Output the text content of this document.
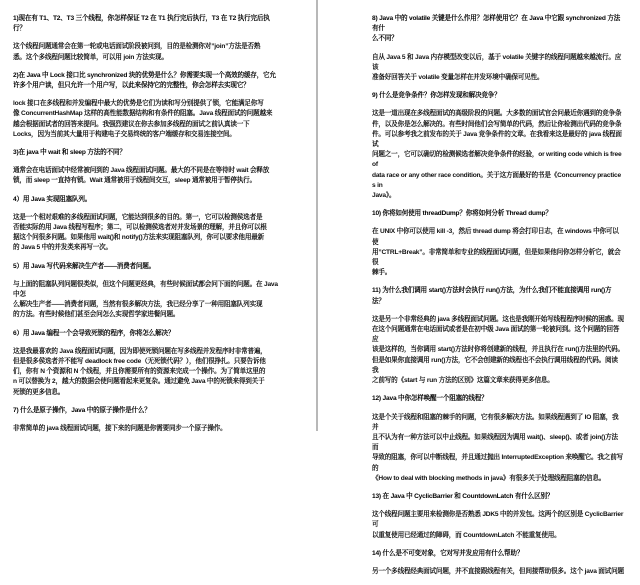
1)现在有 T1、T2、T3 三个线程，你怎样保证 T2 在 T1 执行完后执行，T3 在 T2 执行完后执
行？
这个线程问题通常会在第一轮或电话面试阶段被问到，目的是检测你对”join”方法是否熟
悉。这个多线程问题比较简单，可以用 join 方法实现。
2)在 Java 中 Lock 接口比 synchronized 块的优势是什么？你需要实现一个高效的缓存，它允
许多个用户读，但只允许一个用户写，以此来保持它的完整性，你会怎样去实现它？
lock 接口在多线程和并发编程中最大的优势是它们为读和写分别提供了锁，它能满足你写
像 ConcurrentHashMap 这样的高性能数据结构和有条件的阻塞。Java 线程面试的问题越来
越会根据面试者的回答来提问。我强烈建议在你去参加多线程的面试之前认真读一下
Locks，因为当前其大量用于构建电子交易终统的客户端缓存和交易连接空间。
3)在 java 中 wait 和 sleep 方法的不同？
通常会在电话面试中经常被问到的 Java 线程面试问题。最大的不同是在等待时 wait 会释放
锁，而 sleep 一直持有锁。Wait 通常被用于线程间交互，sleep 通常被用于暂停执行。
4）用 Java 实现阻塞队列。
这是一个相对艰难的多线程面试问题，它能达到很多的目的。第一，它可以检测侯选者是
否能实际的用 Java 线程写程序；第二，可以检测侯选者对并发场景的理解，并且你可以根
据这个问很多问题。如果他用 wait()和 notify()方法来实现阻塞队列，你可以要求他用最新
的 Java 5 中的并发类来再写一次。
5）用 Java 写代码来解决生产者——消费者问题。
与上面的阻塞队列问题很类似，但这个问题更经典，有些时候面试都会问下面的问题。在 Java 中怎
么解决生产者——消费者问题，当然有很多解决方法，我已经分享了一种用阻塞队列实现
的方法。有些时候他们甚至会问怎么实现哲学家进餐问题。
6）用 Java 编程一个会导致死锁的程序，你将怎么解决？
这是我最喜欢的 Java 线程面试问题，因为即使死锁问题在写多线程并发程序时非常普遍，
但是很多侯选者并不能写 deadlock free code（无死锁代码？），他们很挣扎。只要告诉他
们，你有 N 个资源和 N 个线程，并且你需要所有的资源来完成一个操作。为了简单这里的
n 可以替换为 2，越大的数据会使问题看起来更复杂。通过避免 Java 中的死锁来得到关于
死锁的更多信息。
7) 什么是原子操作，Java 中的原子操作是什么？
非常简单的 java 线程面试问题，接下来的问题是你需要同步一个原子操作。
8) Java 中的 volatile 关键是什么作用？怎样使用它？在 Java 中它跟 synchronized 方法有什
么不同？
自从 Java 5 和 Java 内存模型改变以后，基于 volatile 关键字的线程问题越来越流行。应该
准备好回答关于 volatile 变量怎样在并发环境中确保可见性。
9) 什么是竞争条件？你怎样发现和解决竞争？
这是一道出现在多线程面试的高级阶段的问题。大多数的面试官会问最近你遇到的竞争条
件，以及你是怎么解决的。有些时间他们会写简单的代码，然后让你检测出代码的竞争条
件。可以参考我之前发布的关于 Java 竞争条件的文章。在我看来这是最好的 java 线程面试
问题之一，它可以确切的检测候选者解决竞争条件的经验，or writing code which is free of
data race or any other race condition。关于这方面最好的书是《Concurrency practices in
Java》。
10) 你将如何使用 threadDump？你将如何分析 Thread dump？
在 UNIX 中你可以使用 kill -3，然后 thread dump 将会打印日志，在 windows 中你可以使
用”CTRL+Break”。非常简单和专业的线程面试问题，但是如果他问你怎样分析它，就会很
棘手。
11) 为什么我们调用 start()方法时会执行 run()方法，为什么我们不能直接调用 run()方法？
这是另一个非常经典的 java 多线程面试问题。这也是我刚开始写线程程序时候的困惑。现
在这个问题通常在电话面试或者是在初中级 Java 面试的第一轮被问到。这个问题的回答应
该是这样的，当你调用 start()方法时你将创建新的线程，并且执行在 run()方法里的代码。
但是如果你直接调用 run()方法，它不会创建新的线程也不会执行调用线程的代码。阅读我
之前写的《start 与 run 方法的区别》这篇文章来获得更多信息。
12) Java 中你怎样唤醒一个阻塞的线程？
这是个关于线程和阻塞的棘手的问题，它有很多解决方法。如果线程遇到了 IO 阻塞，我并
且不认为有一种方法可以中止线程。如果线程因为调用 wait()、sleep()、或者 join()方法而
导致的阻塞，你可以中断线程，并且通过抛出 InterruptedException 来唤醒它。我之前写的
《How to deal with blocking methods in java》有很多关于处理线程阻塞的信息。
13) 在 Java 中 CyclicBarrier 和 CountdownLatch 有什么区别？
这个线程问题主要用来检测你是否熟悉 JDK5 中的并发包。这两个的区别是 CyclicBarrier 可
以重复使用已经通过的障碍，而 CountdownLatch 不能重复使用。
14) 什么是不可变对象，它对写并发应用有什么帮助？
另一个多线程经典面试问题，并不直接跟线程有关，但间接帮助很多。这个 java 面试问题
